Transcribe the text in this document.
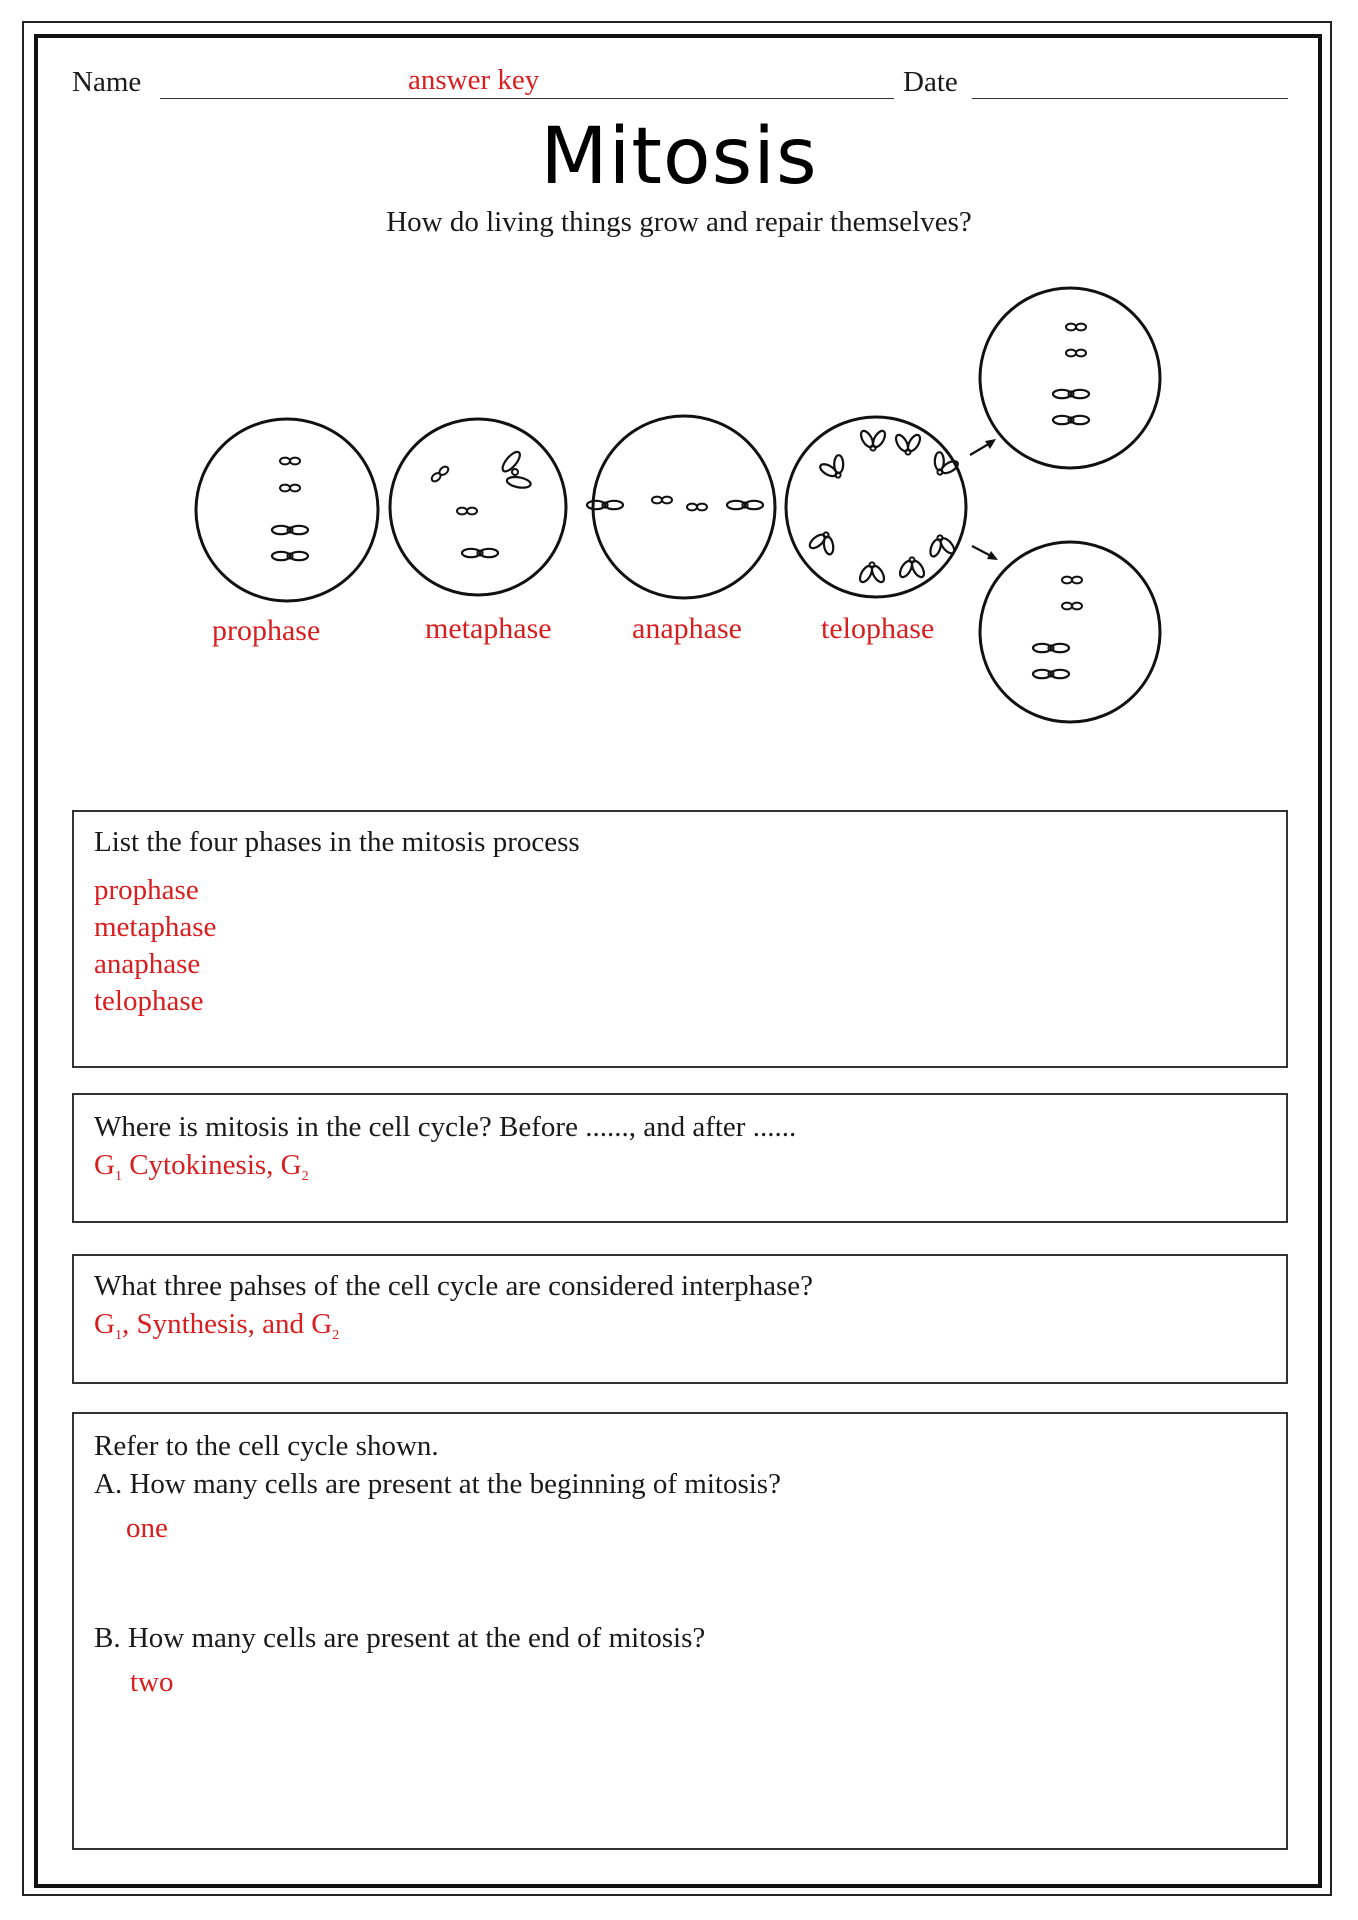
Name	answer key	Date
Mitosis
How do living things grow and repair themselves?
prophase	metaphase	anaphase	telophase
List the four phases in the mitosis process
prophase
metaphase
anaphase
telophase
Where is mitosis in the cell cycle? Before ......, and after ......
$G_1$ Cytokinesis, $G_2$
What three pahses of the cell cycle are considered interphase?
$G_1$, Synthesis, and $G_2$
Refer to the cell cycle shown.
A. How many cells are present at the beginning of mitosis?
one
B. How many cells are present at the end of mitosis?
two
